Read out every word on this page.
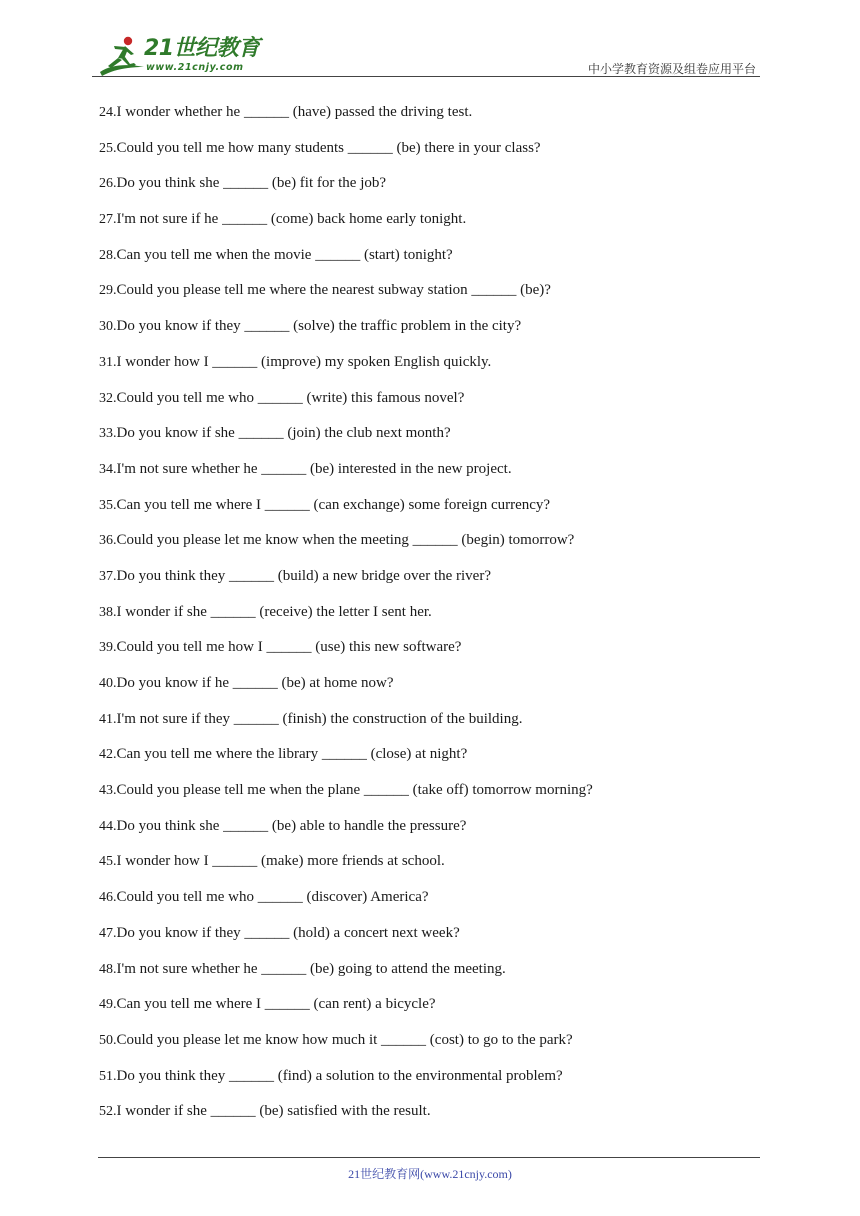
21世纪教育
www.21cnjy.com	中小学教育资源及组卷应用平台
24.I wonder whether he ______ (have) passed the driving test.
25.Could you tell me how many students ______ (be) there in your class?
26.Do you think she ______ (be) fit for the job?
27.I'm not sure if he ______ (come) back home early tonight.
28.Can you tell me when the movie ______ (start) tonight?
29.Could you please tell me where the nearest subway station ______ (be)?
30.Do you know if they ______ (solve) the traffic problem in the city?
31.I wonder how I ______ (improve) my spoken English quickly.
32.Could you tell me who ______ (write) this famous novel?
33.Do you know if she ______ (join) the club next month?
34.I'm not sure whether he ______ (be) interested in the new project.
35.Can you tell me where I ______ (can exchange) some foreign currency?
36.Could you please let me know when the meeting ______ (begin) tomorrow?
37.Do you think they ______ (build) a new bridge over the river?
38.I wonder if she ______ (receive) the letter I sent her.
39.Could you tell me how I ______ (use) this new software?
40.Do you know if he ______ (be) at home now?
41.I'm not sure if they ______ (finish) the construction of the building.
42.Can you tell me where the library ______ (close) at night?
43.Could you please tell me when the plane ______ (take off) tomorrow morning?
44.Do you think she ______ (be) able to handle the pressure?
45.I wonder how I ______ (make) more friends at school.
46.Could you tell me who ______ (discover) America?
47.Do you know if they ______ (hold) a concert next week?
48.I'm not sure whether he ______ (be) going to attend the meeting.
49.Can you tell me where I ______ (can rent) a bicycle?
50.Could you please let me know how much it ______ (cost) to go to the park?
51.Do you think they ______ (find) a solution to the environmental problem?
52.I wonder if she ______ (be) satisfied with the result.
21世纪教育网(www.21cnjy.com)
